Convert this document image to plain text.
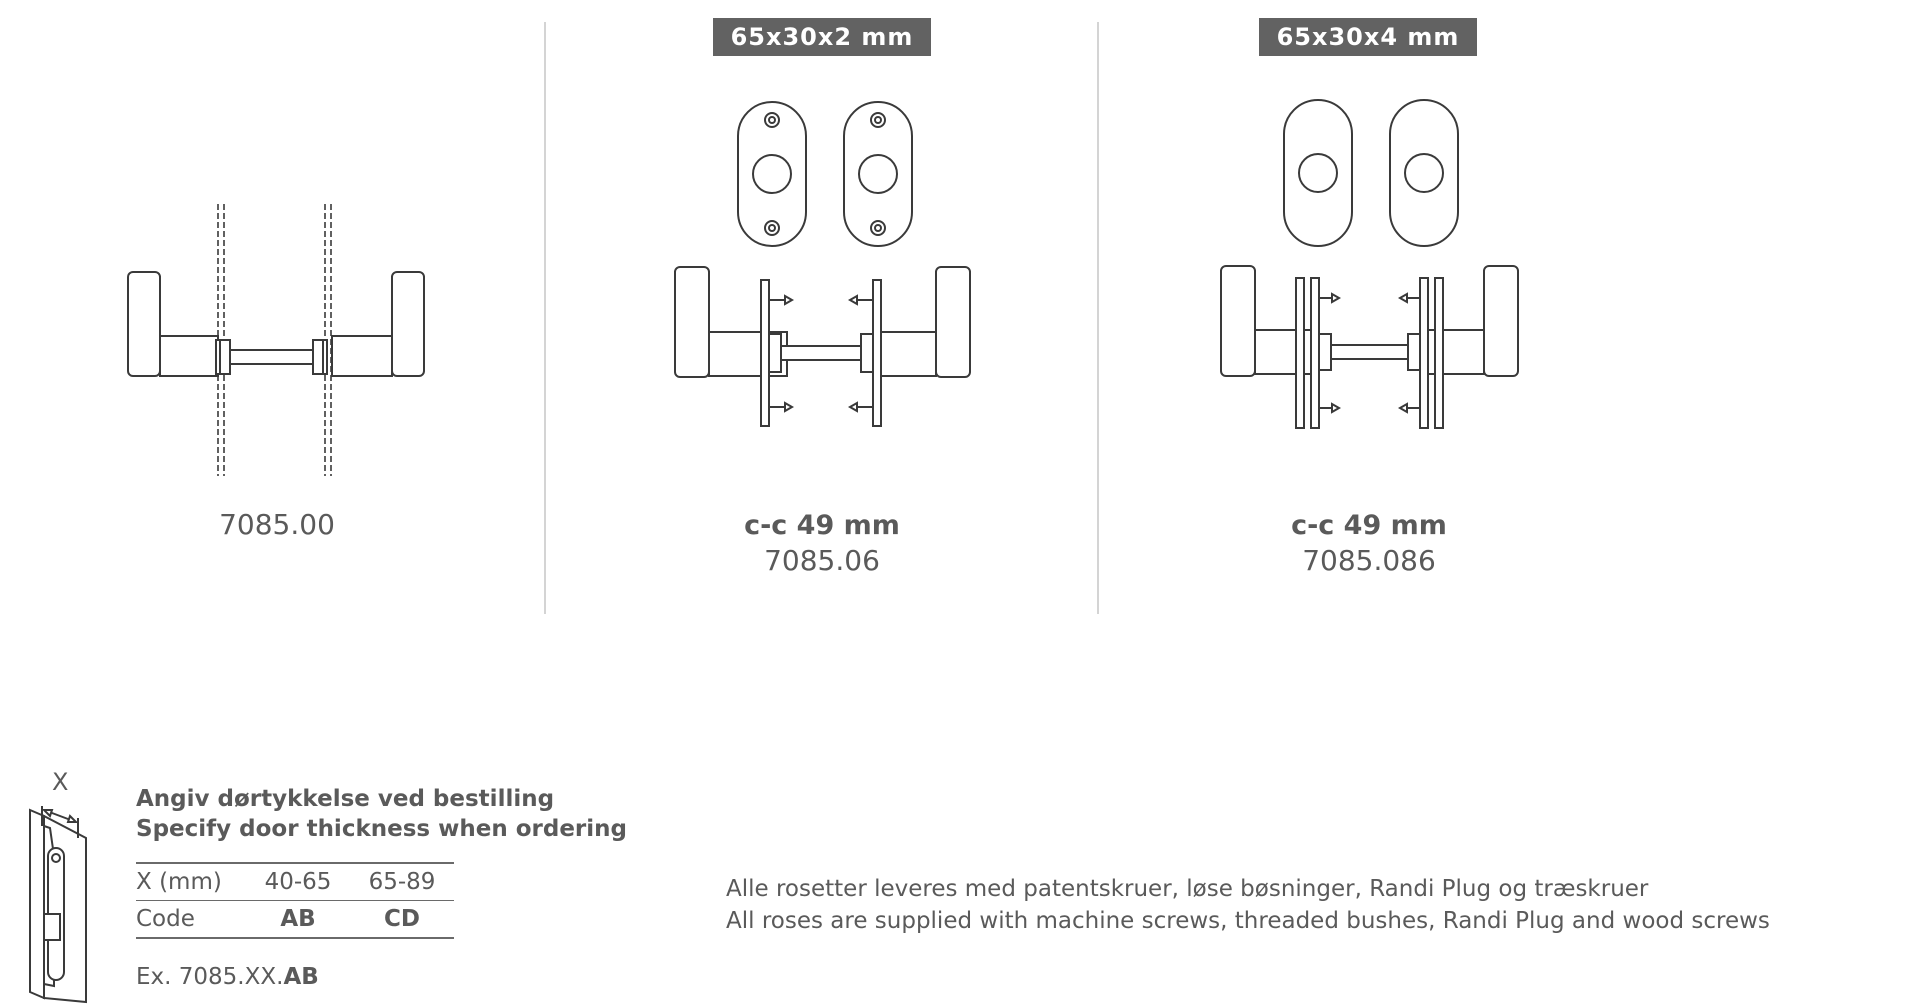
7085.00
65x30x2 mm
c-c 49 mm
7085.06
65x30x4 mm
c-c 49 mm
7085.086
X
Angiv dørtykkelse ved bestilling
Specify door thickness when ordering
X (mm)	40-65	65-89
Code	AB	CD
Ex. 7085.XX.AB
Alle rosetter leveres med patentskruer, løse bøsninger, Randi Plug og træskruer
All roses are supplied with machine screws, threaded bushes, Randi Plug and wood screws
